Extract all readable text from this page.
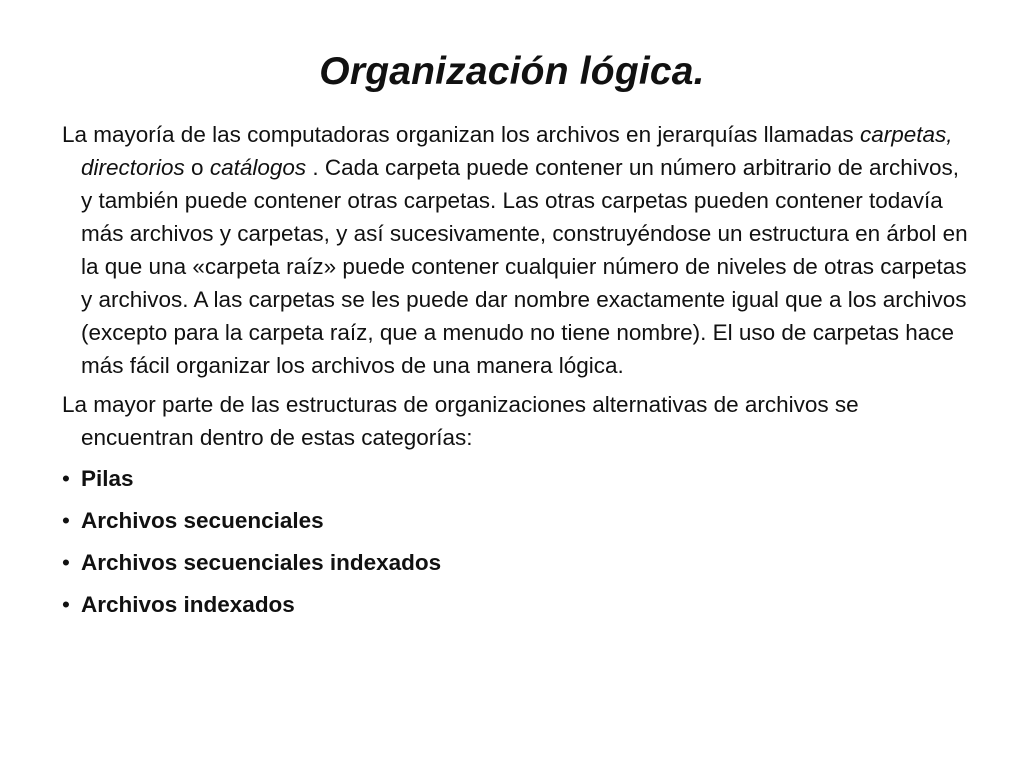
Organización lógica.

La mayoría de las computadoras organizan los archivos en jerarquías llamadas carpetas, directorios o catálogos . Cada carpeta puede contener un número arbitrario de archivos, y también puede contener otras carpetas. Las otras carpetas pueden contener todavía más archivos y carpetas, y así sucesivamente, construyéndose un estructura en árbol en la que una «carpeta raíz» puede contener cualquier número de niveles de otras carpetas y archivos. A las carpetas se les puede dar nombre exactamente igual que a los archivos (excepto para la carpeta raíz, que a menudo no tiene nombre). El uso de carpetas hace más fácil organizar los archivos de una manera lógica.

La mayor parte de las estructuras de organizaciones alternativas de archivos se encuentran dentro de estas categorías:

• Pilas
• Archivos secuenciales
• Archivos secuenciales indexados
• Archivos indexados
